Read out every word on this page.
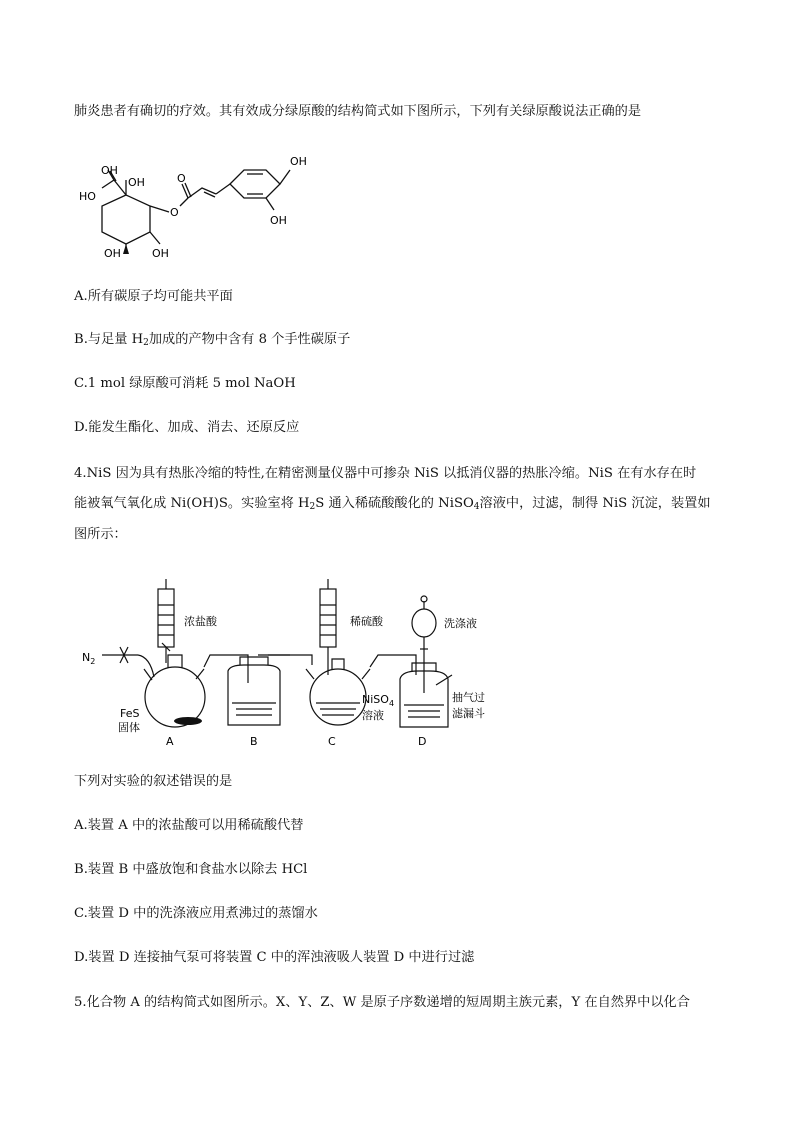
肺炎患者有确切的疗效。其有效成分绿原酸的结构简式如下图所示，下列有关绿原酸说法正确的是
OH
HO
OH	O
O
OH	OH
OH
OH
A.所有碳原子均可能共平面
B.与足量 $H_2$加成的产物中含有 8 个手性碳原子
C.1 mol 绿原酸可消耗 5 mol NaOH
D.能发生酯化、加成、消去、还原反应
4.NiS 因为具有热胀冷缩的特性,在精密测量仪器中可掺杂 NiS 以抵消仪器的热胀冷缩。NiS 在有水存在时
能被氧气氧化成 Ni(OH)S。实验室将 $H_2S$ 通入稀硫酸酸化的 NiSO$_4$溶液中，过滤，制得 NiS 沉淀，装置如
图所示：
$N_2$
浓盐酸
FeS
固体
稀硫酸
NiSO$_4$
溶液
洗涤液
抽气过
滤漏斗
A	B	C	D
下列对实验的叙述错误的是
A.装置 A 中的浓盐酸可以用稀硫酸代替
B.装置 B 中盛放饱和食盐水以除去 HCl
C.装置 D 中的洗涤液应用煮沸过的蒸馏水
D.装置 D 连接抽气泵可将装置 C 中的浑浊液吸人装置 D 中进行过滤
5.化合物 A 的结构简式如图所示。X、Y、Z、W 是原子序数递增的短周期主族元素，Y 在自然界中以化合
